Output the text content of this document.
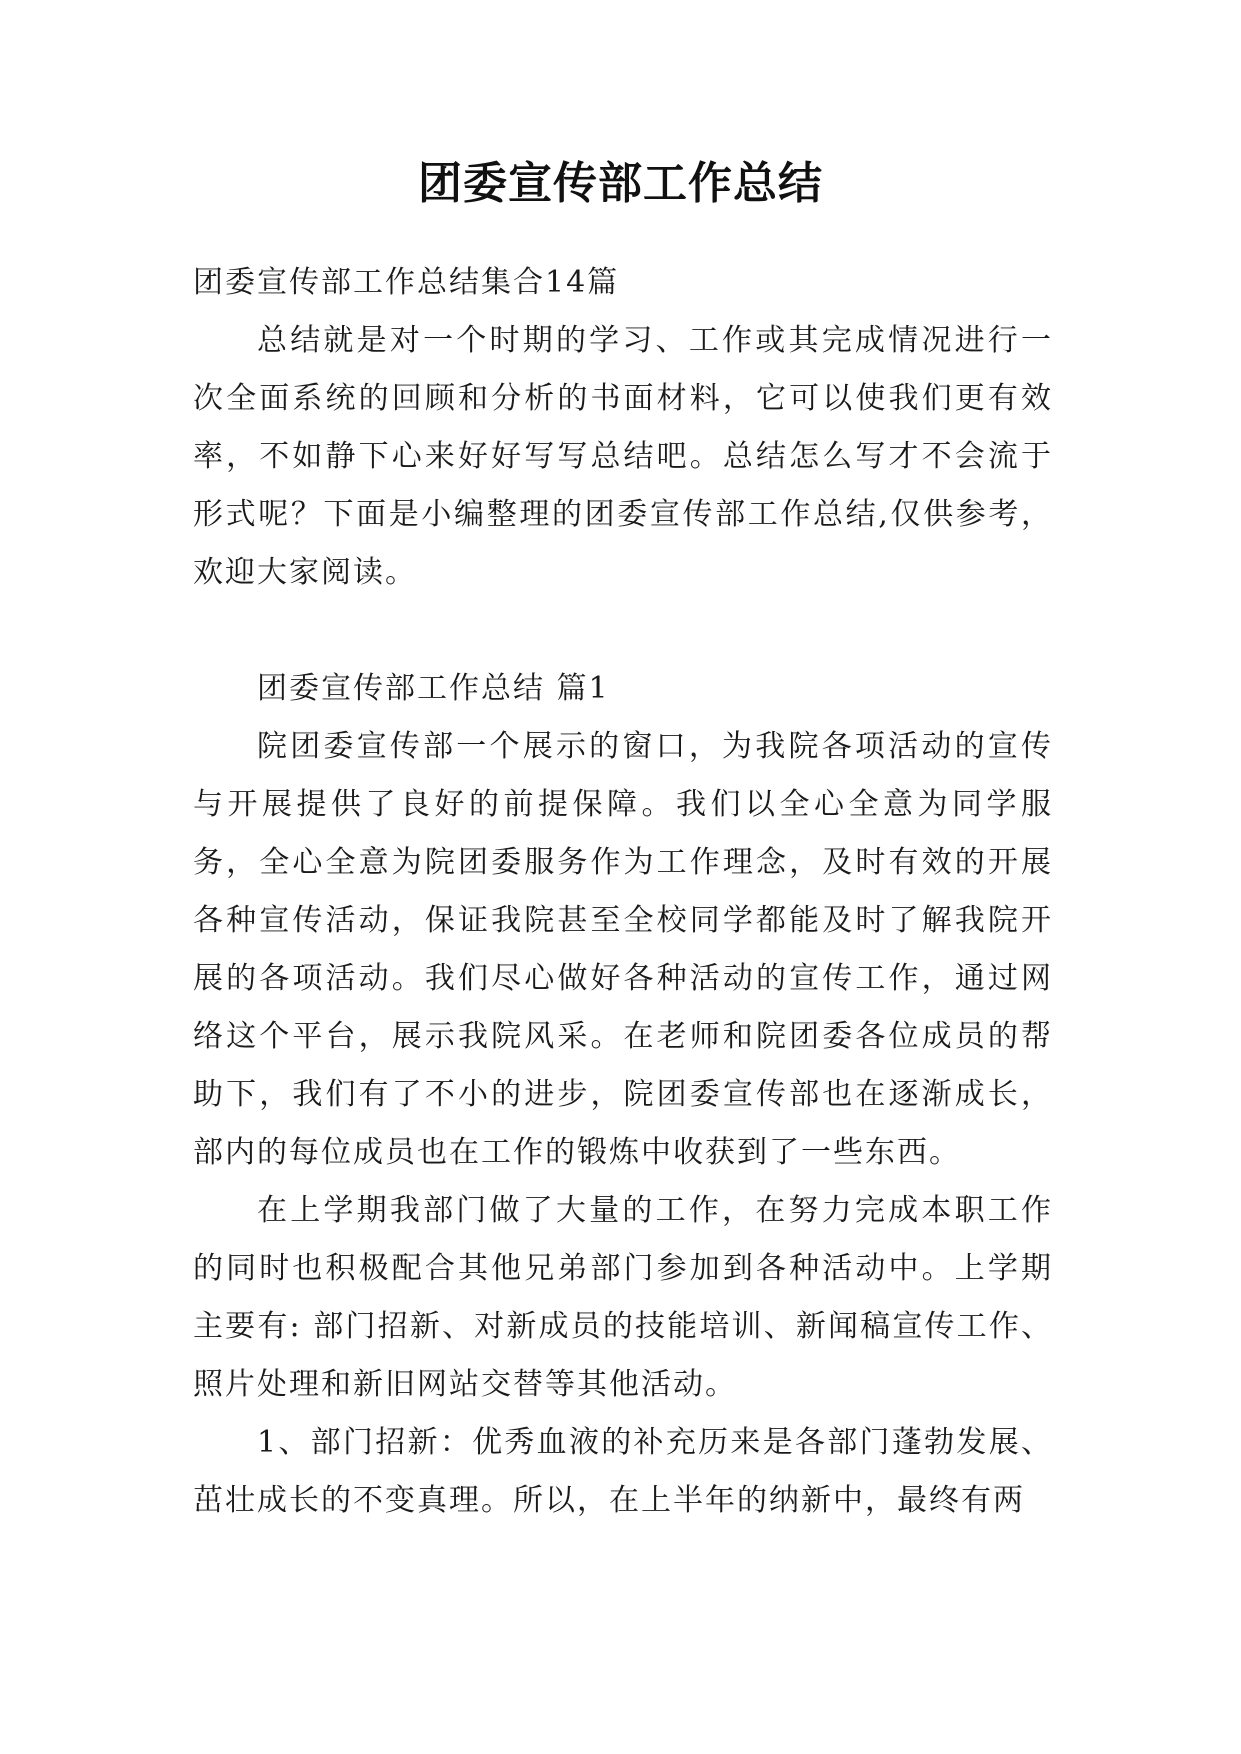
团委宣传部工作总结

团委宣传部工作总结集合14篇

总结就是对一个时期的学习、工作或其完成情况进行一次全面系统的回顾和分析的书面材料，它可以使我们更有效率，不如静下心来好好写写总结吧。总结怎么写才不会流于形式呢？下面是小编整理的团委宣传部工作总结,仅供参考，欢迎大家阅读。

团委宣传部工作总结 篇1

院团委宣传部一个展示的窗口，为我院各项活动的宣传与开展提供了良好的前提保障。我们以全心全意为同学服务，全心全意为院团委服务作为工作理念，及时有效的开展各种宣传活动，保证我院甚至全校同学都能及时了解我院开展的各项活动。我们尽心做好各种活动的宣传工作，通过网络这个平台，展示我院风采。在老师和院团委各位成员的帮助下，我们有了不小的进步，院团委宣传部也在逐渐成长，部内的每位成员也在工作的锻炼中收获到了一些东西。

在上学期我部门做了大量的工作，在努力完成本职工作的同时也积极配合其他兄弟部门参加到各种活动中。上学期主要有: 部门招新、对新成员的技能培训、新闻稿宣传工作、照片处理和新旧网站交替等其他活动。

1、部门招新：优秀血液的补充历来是各部门蓬勃发展、茁壮成长的不变真理。所以，在上半年的纳新中，最终有两
